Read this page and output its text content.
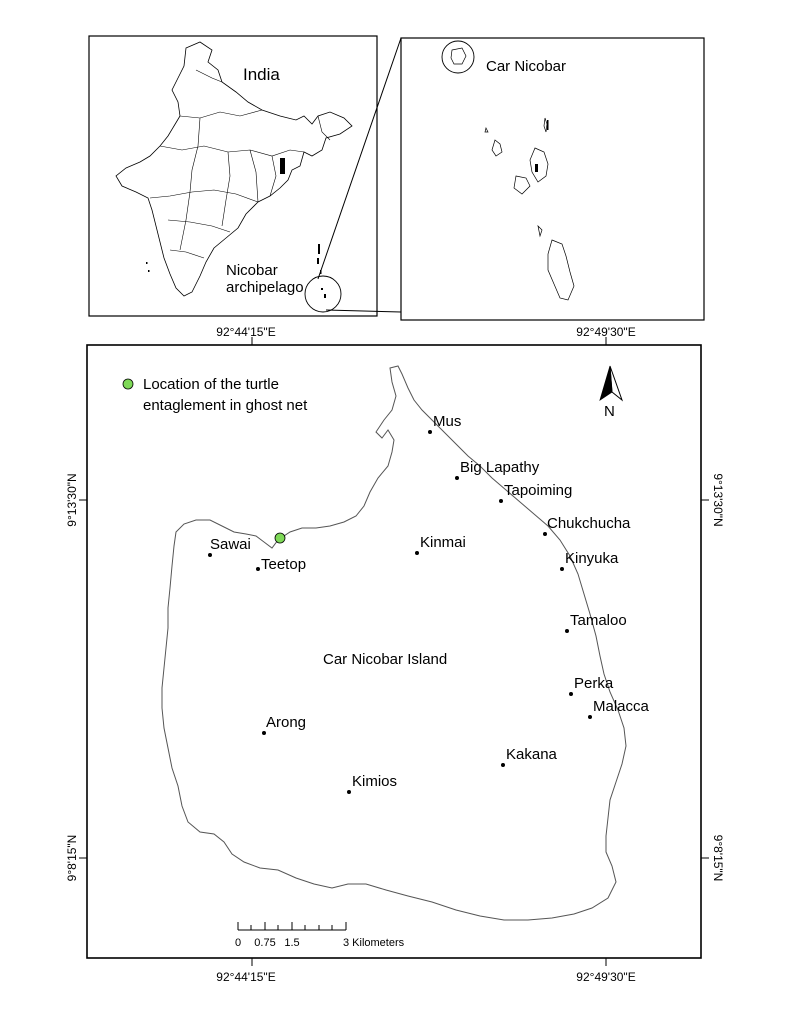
India
Nicobar
archipelago
Car Nicobar
92°44'15"E	92°49'30"E
Location of the turtle
entaglement in ghost net	N
Mus
Big Lapathy
Tapoiming
Chukchucha
Kinmai
Sawai
Teetop	Kinyuka
Tamaloo
Perka
Malacca
Arong
Kakana
Kimios
Car Nicobar Island
0 0.75 1.5	3 Kilometers
92°44'15"E	92°49'30"E
9°13'30"N
9°8'15"N
9°13'30"N
9°8'15"N
